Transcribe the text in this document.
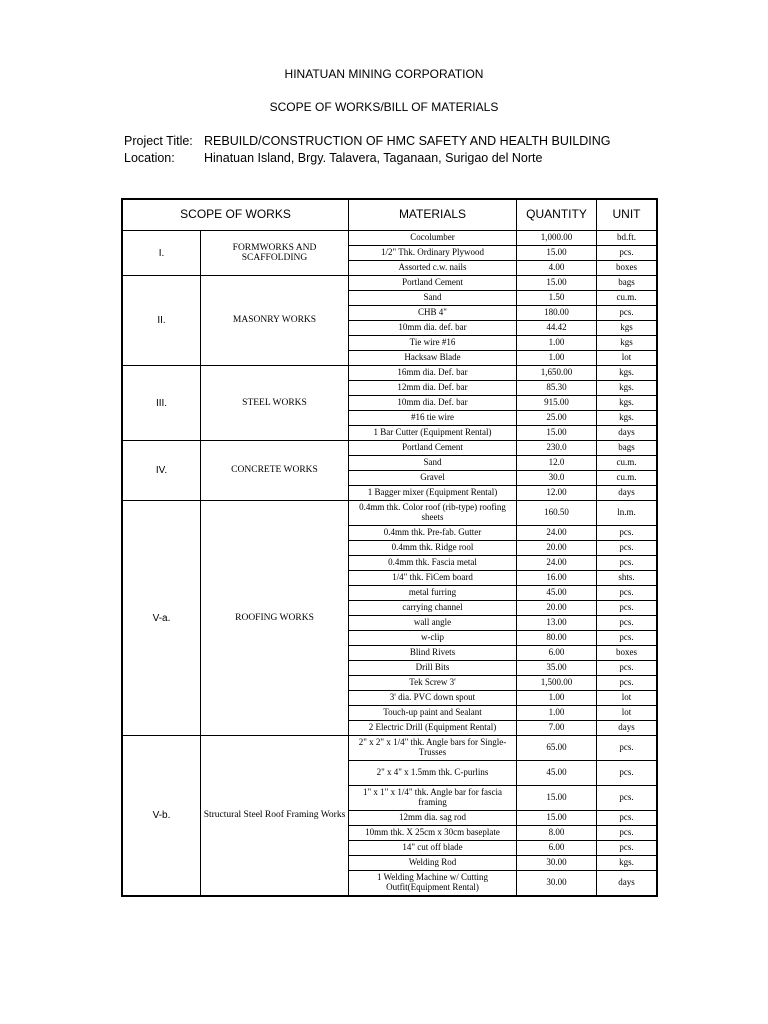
HINATUAN MINING CORPORATION
SCOPE OF WORKS/BILL OF MATERIALS
Project Title: REBUILD/CONSTRUCTION OF HMC SAFETY AND HEALTH BUILDING
Location: Hinatuan Island, Brgy. Talavera, Taganaan, Surigao del Norte
SCOPE OF WORKS		MATERIALS	QUANTITY	UNIT
I.	FORMWORKS AND SCAFFOLDING	Cocolumber	1,000.00	bd.ft.
		1/2" Thk. Ordinary Plywood	15.00	pcs.
		Assorted c.w. nails	4.00	boxes
II.	MASONRY WORKS	Portland Cement	15.00	bags
		Sand	1.50	cu.m.
		CHB 4"	180.00	pcs.
		10mm dia. def. bar	44.42	kgs
		Tie wire #16	1.00	kgs
		Hacksaw Blade	1.00	lot
III.	STEEL WORKS	16mm dia. Def. bar	1,650.00	kgs.
		12mm dia. Def. bar	85.30	kgs.
		10mm dia. Def. bar	915.00	kgs.
		#16 tie wire	25.00	kgs.
		1 Bar Cutter (Equipment Rental)	15.00	days
IV.	CONCRETE WORKS	Portland Cement	230.0	bags
		Sand	12.0	cu.m.
		Gravel	30.0	cu.m.
		1 Bagger mixer (Equipment Rental)	12.00	days
V-a.	ROOFING WORKS	0.4mm thk. Color roof (rib-type) roofing sheets	160.50	ln.m.
		0.4mm thk. Pre-fab. Gutter	24.00	pcs.
		0.4mm thk. Ridge rool	20.00	pcs.
		0.4mm thk. Fascia metal	24.00	pcs.
		1/4" thk. FiCem board	16.00	shts.
		metal furring	45.00	pcs.
		carrying channel	20.00	pcs.
		wall angle	13.00	pcs.
		w-clip	80.00	pcs.
		Blind Rivets	6.00	boxes
		Drill Bits	35.00	pcs.
		Tek Screw 3'	1,500.00	pcs.
		3' dia. PVC down spout	1.00	lot
		Touch-up paint and Sealant	1.00	lot
		2 Electric Drill (Equipment Rental)	7.00	days
V-b.	Structural Steel Roof Framing Works	2" x 2" x 1/4" thk. Angle bars for Single-Trusses	65.00	pcs.
		2" x 4" x 1.5mm thk. C-purlins	45.00	pcs.
		1" x 1" x 1/4" thk. Angle bar for fascia framing	15.00	pcs.
		12mm dia. sag rod	15.00	pcs.
		10mm thk. X 25cm x 30cm baseplate	8.00	pcs.
		14" cut off blade	6.00	pcs.
		Welding Rod	30.00	kgs.
		1 Welding Machine w/ Cutting Outfit(Equipment Rental)	30.00	days
